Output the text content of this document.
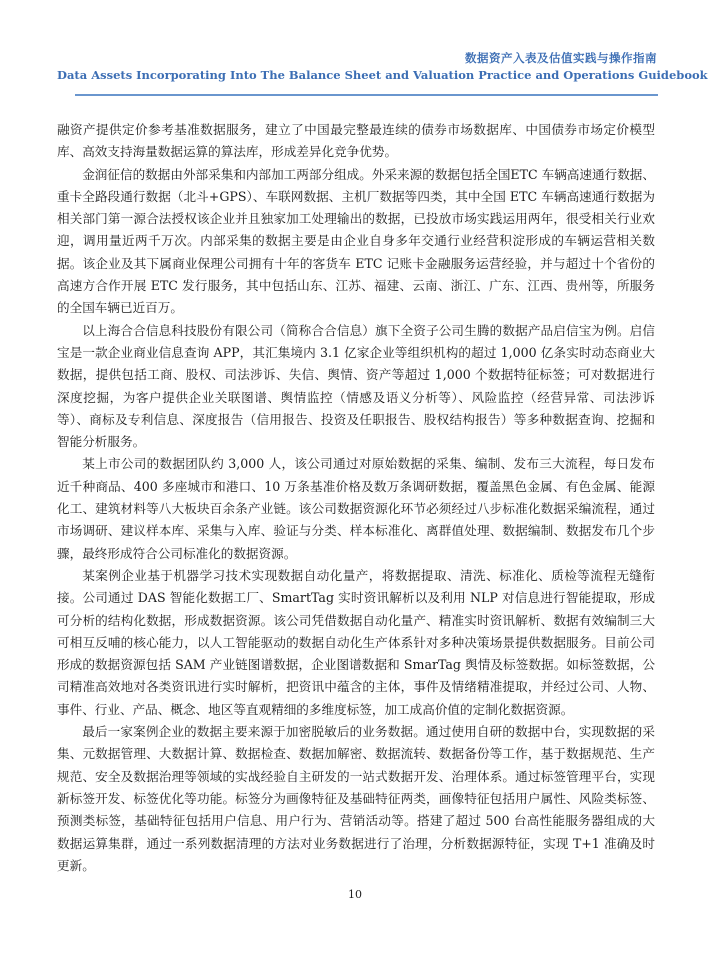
数据资产入表及估值实践与操作指南
Data Assets Incorporating Into The Balance Sheet and Valuation Practice and Operations Guidebook

融资产提供定价参考基准数据服务，建立了中国最完整最连续的债券市场数据库、中国债券市场定价模型库、高效支持海量数据运算的算法库，形成差异化竞争优势。

金润征信的数据由外部采集和内部加工两部分组成。外采来源的数据包括全国ETC 车辆高速通行数据、重卡全路段通行数据（北斗+GPS）、车联网数据、主机厂数据等四类，其中全国 ETC 车辆高速通行数据为相关部门第一源合法授权该企业并且独家加工处理输出的数据，已投放市场实践运用两年，很受相关行业欢迎，调用量近两千万次。内部采集的数据主要是由企业自身多年交通行业经营积淀形成的车辆运营相关数据。该企业及其下属商业保理公司拥有十年的客货车 ETC 记账卡金融服务运营经验，并与超过十个省份的高速方合作开展 ETC 发行服务，其中包括山东、江苏、福建、云南、浙江、广东、江西、贵州等，所服务的全国车辆已近百万。

以上海合合信息科技股份有限公司（简称合合信息）旗下全资子公司生腾的数据产品启信宝为例。启信宝是一款企业商业信息查询 APP，其汇集境内 3.1 亿家企业等组织机构的超过 1,000 亿条实时动态商业大数据，提供包括工商、股权、司法涉诉、失信、舆情、资产等超过 1,000 个数据特征标签；可对数据进行深度挖掘，为客户提供企业关联图谱、舆情监控（情感及语义分析等）、风险监控（经营异常、司法涉诉等）、商标及专利信息、深度报告（信用报告、投资及任职报告、股权结构报告）等多种数据查询、挖掘和智能分析服务。

某上市公司的数据团队约 3,000 人，该公司通过对原始数据的采集、编制、发布三大流程，每日发布近千种商品、400 多座城市和港口、10 万条基准价格及数万条调研数据，覆盖黑色金属、有色金属、能源化工、建筑材料等八大板块百余条产业链。该公司数据资源化环节必须经过八步标准化数据采编流程，通过市场调研、建议样本库、采集与入库、验证与分类、样本标准化、离群值处理、数据编制、数据发布几个步骤，最终形成符合公司标准化的数据资源。

某案例企业基于机器学习技术实现数据自动化量产，将数据提取、清洗、标准化、质检等流程无缝衔接。公司通过 DAS 智能化数据工厂、SmartTag 实时资讯解析以及利用 NLP 对信息进行智能提取，形成可分析的结构化数据，形成数据资源。该公司凭借数据自动化量产、精准实时资讯解析、数据有效编制三大可相互反哺的核心能力，以人工智能驱动的数据自动化生产体系针对多种决策场景提供数据服务。目前公司形成的数据资源包括 SAM 产业链图谱数据，企业图谱数据和 SmarTag 舆情及标签数据。如标签数据，公司精准高效地对各类资讯进行实时解析，把资讯中蕴含的主体，事件及情绪精准提取，并经过公司、人物、事件、行业、产品、概念、地区等直观精细的多维度标签，加工成高价值的定制化数据资源。

最后一家案例企业的数据主要来源于加密脱敏后的业务数据。通过使用自研的数据中台，实现数据的采集、元数据管理、大数据计算、数据检查、数据加解密、数据流转、数据备份等工作，基于数据规范、生产规范、安全及数据治理等领域的实战经验自主研发的一站式数据开发、治理体系。通过标签管理平台，实现新标签开发、标签优化等功能。标签分为画像特征及基础特征两类，画像特征包括用户属性、风险类标签、预测类标签，基础特征包括用户信息、用户行为、营销活动等。搭建了超过 500 台高性能服务器组成的大数据运算集群，通过一系列数据清理的方法对业务数据进行了治理，分析数据源特征，实现 T+1 准确及时更新。

10
